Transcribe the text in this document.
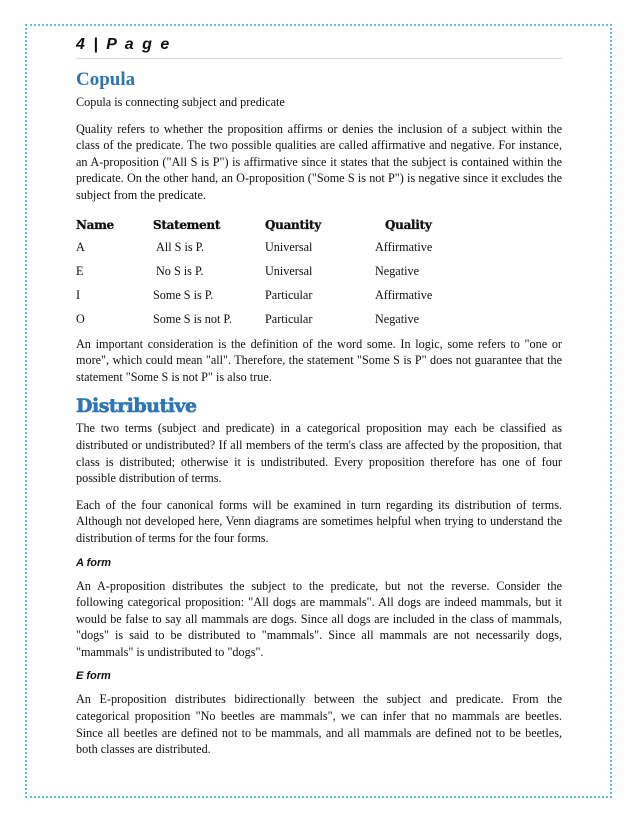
4 | P a g e
Copula

Copula is connecting subject and predicate

Quality refers to whether the proposition affirms or denies the inclusion of a subject within the class of the predicate. The two possible qualities are called affirmative and negative. For instance, an A-proposition ("All S is P") is affirmative since it states that the subject is contained within the predicate. On the other hand, an O-proposition ("Some S is not P") is negative since it excludes the subject from the predicate.

Name	Statement	Quantity	Quality
A	All S is P.	Universal	Affirmative
E	No S is P.	Universal	Negative
I	Some S is P.	Particular	Affirmative
O	Some S is not P.	Particular	Negative

An important consideration is the definition of the word some. In logic, some refers to "one or more", which could mean "all". Therefore, the statement "Some S is P" does not guarantee that the statement "Some S is not P" is also true.

Distributive

The two terms (subject and predicate) in a categorical proposition may each be classified as distributed or undistributed? If all members of the term's class are affected by the proposition, that class is distributed; otherwise it is undistributed. Every proposition therefore has one of four possible distribution of terms.

Each of the four canonical forms will be examined in turn regarding its distribution of terms. Although not developed here, Venn diagrams are sometimes helpful when trying to understand the distribution of terms for the four forms.

A form

An A-proposition distributes the subject to the predicate, but not the reverse. Consider the following categorical proposition: "All dogs are mammals". All dogs are indeed mammals, but it would be false to say all mammals are dogs. Since all dogs are included in the class of mammals, "dogs" is said to be distributed to "mammals". Since all mammals are not necessarily dogs, "mammals" is undistributed to "dogs".

E form

An E-proposition distributes bidirectionally between the subject and predicate. From the categorical proposition "No beetles are mammals", we can infer that no mammals are beetles. Since all beetles are defined not to be mammals, and all mammals are defined not to be beetles, both classes are distributed.
